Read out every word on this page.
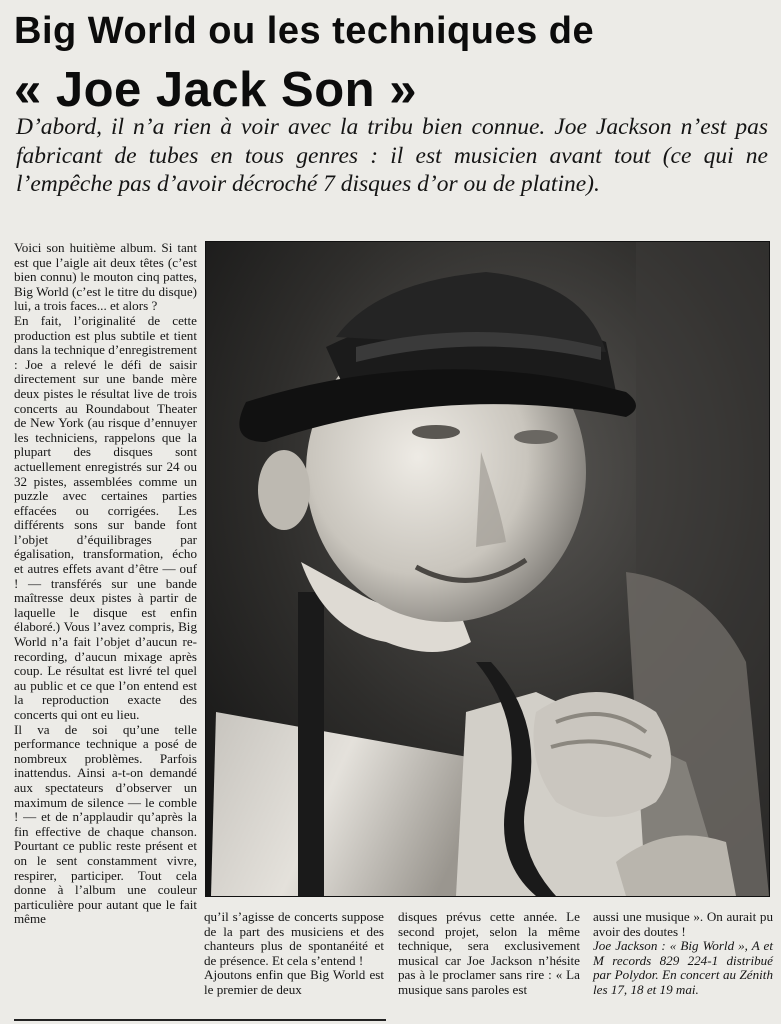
Big World ou les techniques de
« Joe Jack Son »

D’abord, il n’a rien à voir avec la tribu bien connue. Joe Jackson n’est pas fabricant de tubes en tous genres : il est musicien avant tout (ce qui ne l’empêche pas d’avoir décroché 7 disques d’or ou de platine).

Voici son huitième album. Si tant est que l’aigle ait deux têtes (c’est bien connu) le mouton cinq pattes, Big World (c’est le titre du disque) lui, a trois faces... et alors ?

En fait, l’originalité de cette production est plus subtile et tient dans la technique d’enregistrement : Joe a relevé le défi de saisir directement sur une bande mère deux pistes le résultat live de trois concerts au Roundabout Theater de New York (au risque d’ennuyer les techniciens, rappelons que la plupart des disques sont actuellement enregistrés sur 24 ou 32 pistes, assemblées comme un puzzle avec certaines parties effacées ou corrigées. Les différents sons sur bande font l’objet d’équilibrages par égalisation, transformation, écho et autres effets avant d’être — ouf ! — transférés sur une bande maîtresse deux pistes à partir de laquelle le disque est enfin élaboré.) Vous l’avez compris, Big World n’a fait l’objet d’aucun re-recording, d’aucun mixage après coup. Le résultat est livré tel quel au public et ce que l’on entend est la reproduction exacte des concerts qui ont eu lieu.

Il va de soi qu’une telle performance technique a posé de nombreux problèmes. Parfois inattendus. Ainsi a-t-on demandé aux spectateurs d’observer un maximum de silence — le comble ! — et de n’applaudir qu’après la fin effective de chaque chanson. Pourtant ce public reste présent et on le sent constamment vivre, respirer, participer. Tout cela donne à l’album une couleur particulière pour autant que le fait même	qu’il s’agisse de concerts suppose de la part des musiciens et des chanteurs plus de spontanéité et de présence. Et cela s’entend !

Ajoutons enfin que Big World est le premier de deux

disques prévus cette année. Le second projet, selon la même technique, sera exclusivement musical car Joe Jackson n’hésite pas à le proclamer sans rire : « La musique sans paroles est

aussi une musique ». On aurait pu avoir des doutes !

Joe Jackson : « Big World », A et M records 829 224-1 distribué par Polydor. En concert au Zénith les 17, 18 et 19 mai.
